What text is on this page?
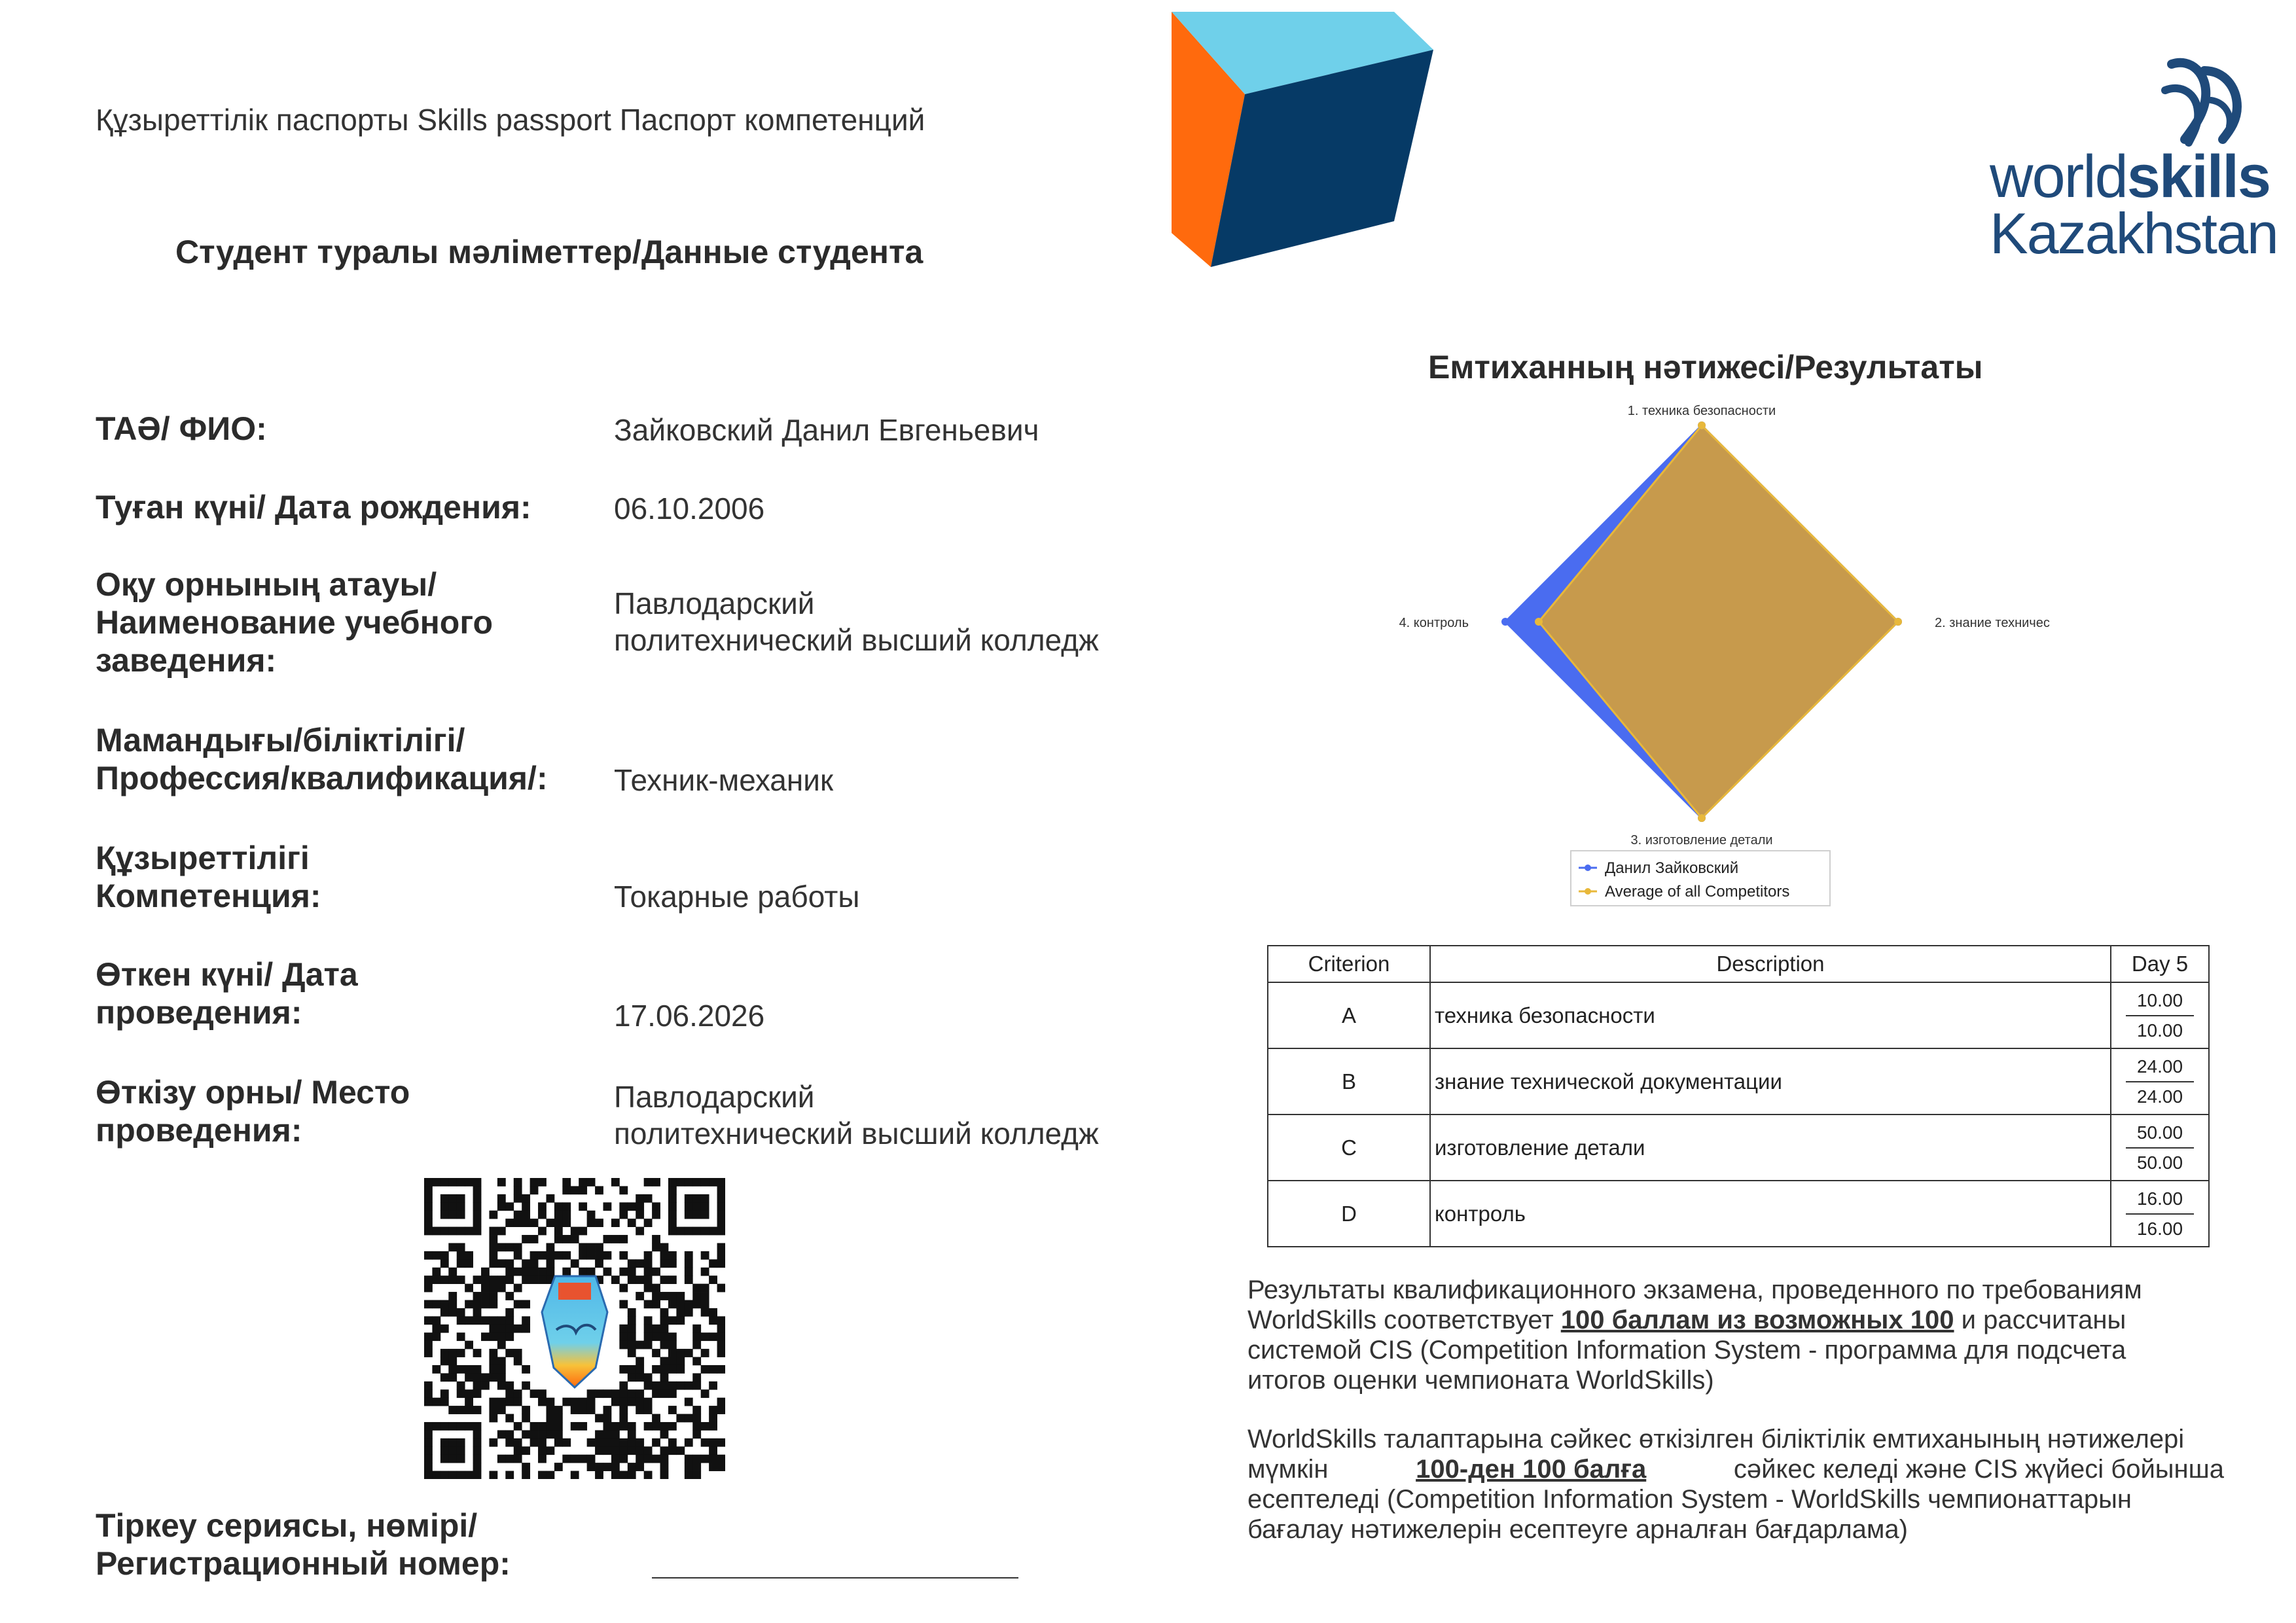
Құзыреттілік паспорты Skills passport Паспорт компетенций
worldskills
Kazakhstan
Студент туралы мәліметтер/Данные студента
ТАӘ/ ФИО:	Зайковский Данил Евгеньевич
Туған күні/ Дата рождения:	06.10.2006
Оқу орнының атауы/
Наименование учебного
заведения:
Павлодарский
политехнический высший колледж
Мамандығы/біліктілігі/
Профессия/квалификация/: Техник-механик
Құзыреттілігі
Компетенция:	Токарные работы
Өткен күні/ Дата
проведения:	17.06.2026
Өткізу орны/ Место
проведения:
Павлодарский
политехнический высший колледж
Тіркеу сериясы, нөмірі/
Регистрационный номер:
Емтиханның нәтижесі/Результаты
1. техника безопасности
2. знание техничес
3. изготовление детали
4. контроль
Данил Зайковский
Average of all Competitors
Criterion	Description	Day 5
A	техника безопасности	10.00
10.00

B	знание технической документации	24.00
24.00

C	изготовление детали	50.00
50.00

D	контроль	16.00
16.00
Результаты квалификационного экзамена, проведенного по требованиям
WorldSkills соответствует 100 баллам из возможных 100 и рассчитаны
системой CIS (Competition Information System - программа для подсчета
итогов оценки чемпионата WorldSkills)
WorldSkills талаптарына сәйкес өткізілген біліктілік емтиханының нәтижелері
мүмкін	100-ден 100 балға	сәйкес келеді және CIS жүйесі бойынша
есептеледі (Competition Information System - WorldSkills чемпионаттарын
бағалау нәтижелерін есептеуге арналған бағдарлама)
